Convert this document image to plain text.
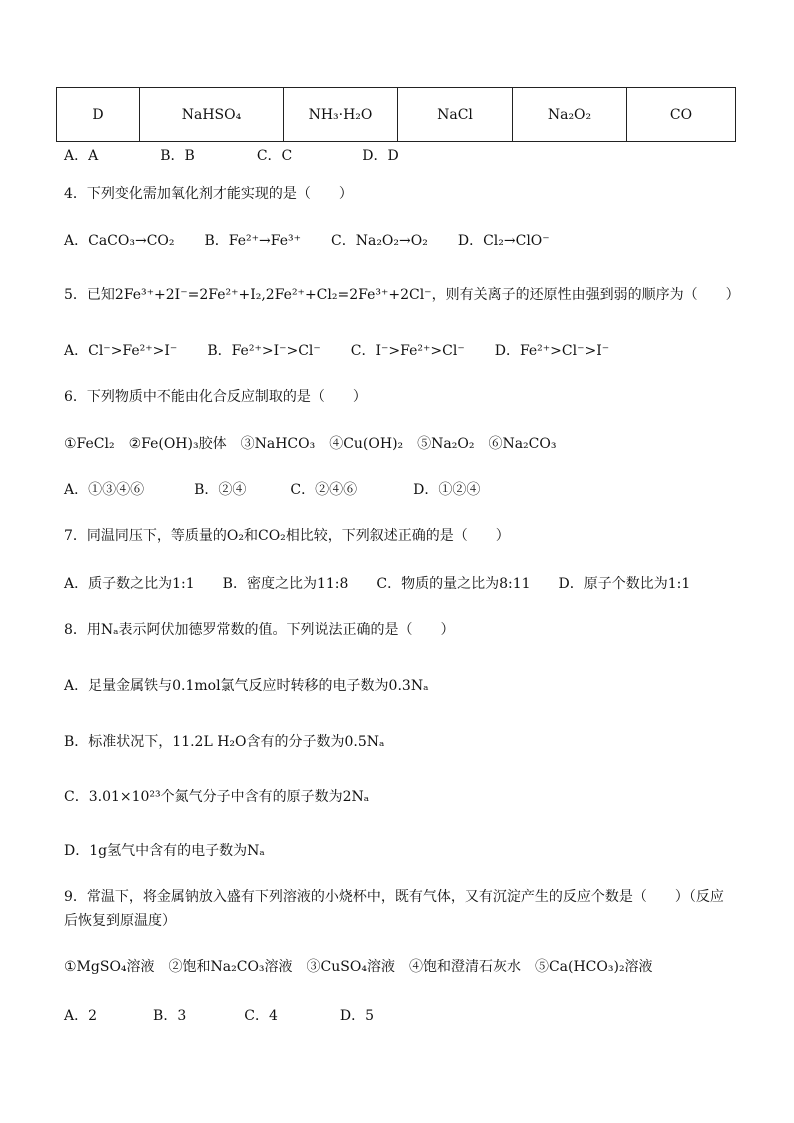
D	NaHSO₄	NH₃·H₂O	NaCl	Na₂O₂	CO
A．A	B．B	C．C	D．D
4．下列变化需加氧化剂才能实现的是（　　）
A．CaCO₃→CO₂ B．Fe²⁺→Fe³⁺ C．Na₂O₂→O₂ D．Cl₂→ClO⁻
5．已知2Fe³⁺+2I⁻=2Fe²⁺+I₂,2Fe²⁺+Cl₂=2Fe³⁺+2Cl⁻，则有关离子的还原性由强到弱的顺序为（　　）
A．Cl⁻>Fe²⁺>I⁻ B．Fe²⁺>I⁻>Cl⁻ C．I⁻>Fe²⁺>Cl⁻ D．Fe²⁺>Cl⁻>I⁻
6．下列物质中不能由化合反应制取的是（　　）
①FeCl₂　②Fe(OH)₃胶体　③NaHCO₃　④Cu(OH)₂　⑤Na₂O₂　⑥Na₂CO₃
A．①③④⑥	B．②④	C．②④⑥	D．①②④
7．同温同压下，等质量的O₂和CO₂相比较，下列叙述正确的是（　　）
A．质子数之比为1:1 B．密度之比为11:8 C．物质的量之比为8:11 D．原子个数比为1:1
8．用Nₐ表示阿伏加德罗常数的值。下列说法正确的是（　　）
A．足量金属铁与0.1mol氯气反应时转移的电子数为0.3Nₐ
B．标准状况下，11.2L H₂O含有的分子数为0.5Nₐ
C．3.01×10²³个氮气分子中含有的原子数为2Nₐ
D．1g氢气中含有的电子数为Nₐ
9．常温下，将金属钠放入盛有下列溶液的小烧杯中，既有气体，又有沉淀产生的反应个数是（　　）（反应后恢复到原温度）
①MgSO₄溶液　②饱和Na₂CO₃溶液　③CuSO₄溶液　④饱和澄清石灰水　⑤Ca(HCO₃)₂溶液
A．2	B．3	C．4	D．5
